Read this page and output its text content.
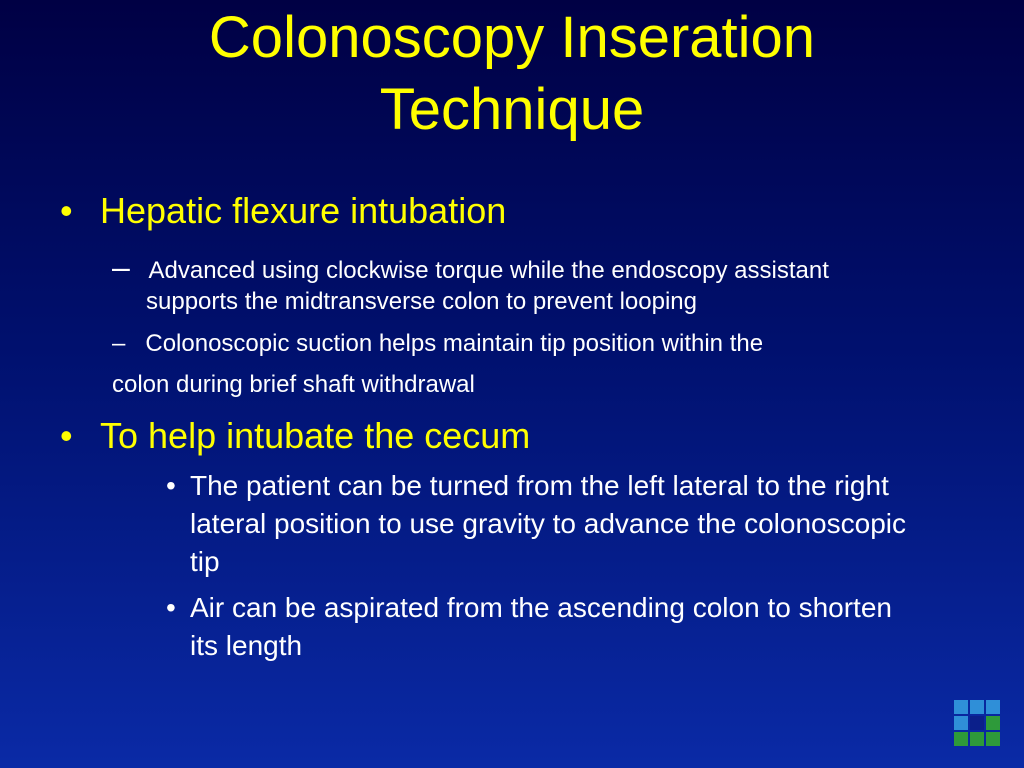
Colonoscopy Inseration
Technique
• Hepatic flexure intubation
– Advanced using clockwise torque while the endoscopy assistant
supports the midtransverse colon to prevent looping
– Colonoscopic suction helps maintain tip position within the
colon during brief shaft withdrawal
• To help intubate the cecum
• The patient can be turned from the left lateral to the right lateral position to use gravity to advance the colonoscopic tip
• Air can be aspirated from the ascending colon to shorten its length
